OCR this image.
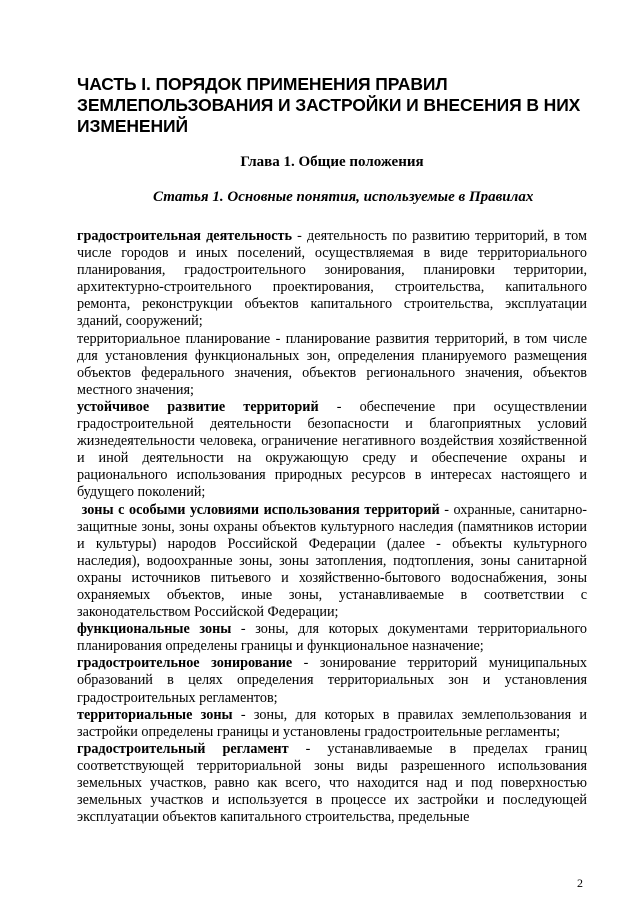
ЧАСТЬ I. ПОРЯДОК ПРИМЕНЕНИЯ ПРАВИЛ ЗЕМЛЕПОЛЬЗОВАНИЯ И ЗАСТРОЙКИ И ВНЕСЕНИЯ В НИХ ИЗМЕНЕНИЙ
Глава 1. Общие положения
Статья 1. Основные понятия, используемые в Правилах

градостроительная деятельность - деятельность по развитию территорий, в том числе городов и иных поселений, осуществляемая в виде территориального планирования, градостроительного зонирования, планировки территории, архитектурно-строительного проектирования, строительства, капитального ремонта, реконструкции объектов капитального строительства, эксплуатации зданий, сооружений;

территориальное планирование - планирование развития территорий, в том числе для установления функциональных зон, определения планируемого размещения объектов федерального значения, объектов регионального значения, объектов местного значения;

устойчивое развитие территорий - обеспечение при осуществлении градостроительной деятельности безопасности и благоприятных условий жизнедеятельности человека, ограничение негативного воздействия хозяйственной и иной деятельности на окружающую среду и обеспечение охраны и рационального использования природных ресурсов в интересах настоящего и будущего поколений;

зоны с особыми условиями использования территорий - охранные, санитарно-защитные зоны, зоны охраны объектов культурного наследия (памятников истории и культуры) народов Российской Федерации (далее - объекты культурного наследия), водоохранные зоны, зоны затопления, подтопления, зоны санитарной охраны источников питьевого и хозяйственно-бытового водоснабжения, зоны охраняемых объектов, иные зоны, устанавливаемые в соответствии с законодательством Российской Федерации;

функциональные зоны - зоны, для которых документами территориального планирования определены границы и функциональное назначение;

градостроительное зонирование - зонирование территорий муниципальных образований в целях определения территориальных зон и установления градостроительных регламентов;

территориальные зоны - зоны, для которых в правилах землепользования и застройки определены границы и установлены градостроительные регламенты;

градостроительный регламент - устанавливаемые в пределах границ соответствующей территориальной зоны виды разрешенного использования земельных участков, равно как всего, что находится над и под поверхностью земельных участков и используется в процессе их застройки и последующей эксплуатации объектов капитального строительства, предельные

2
